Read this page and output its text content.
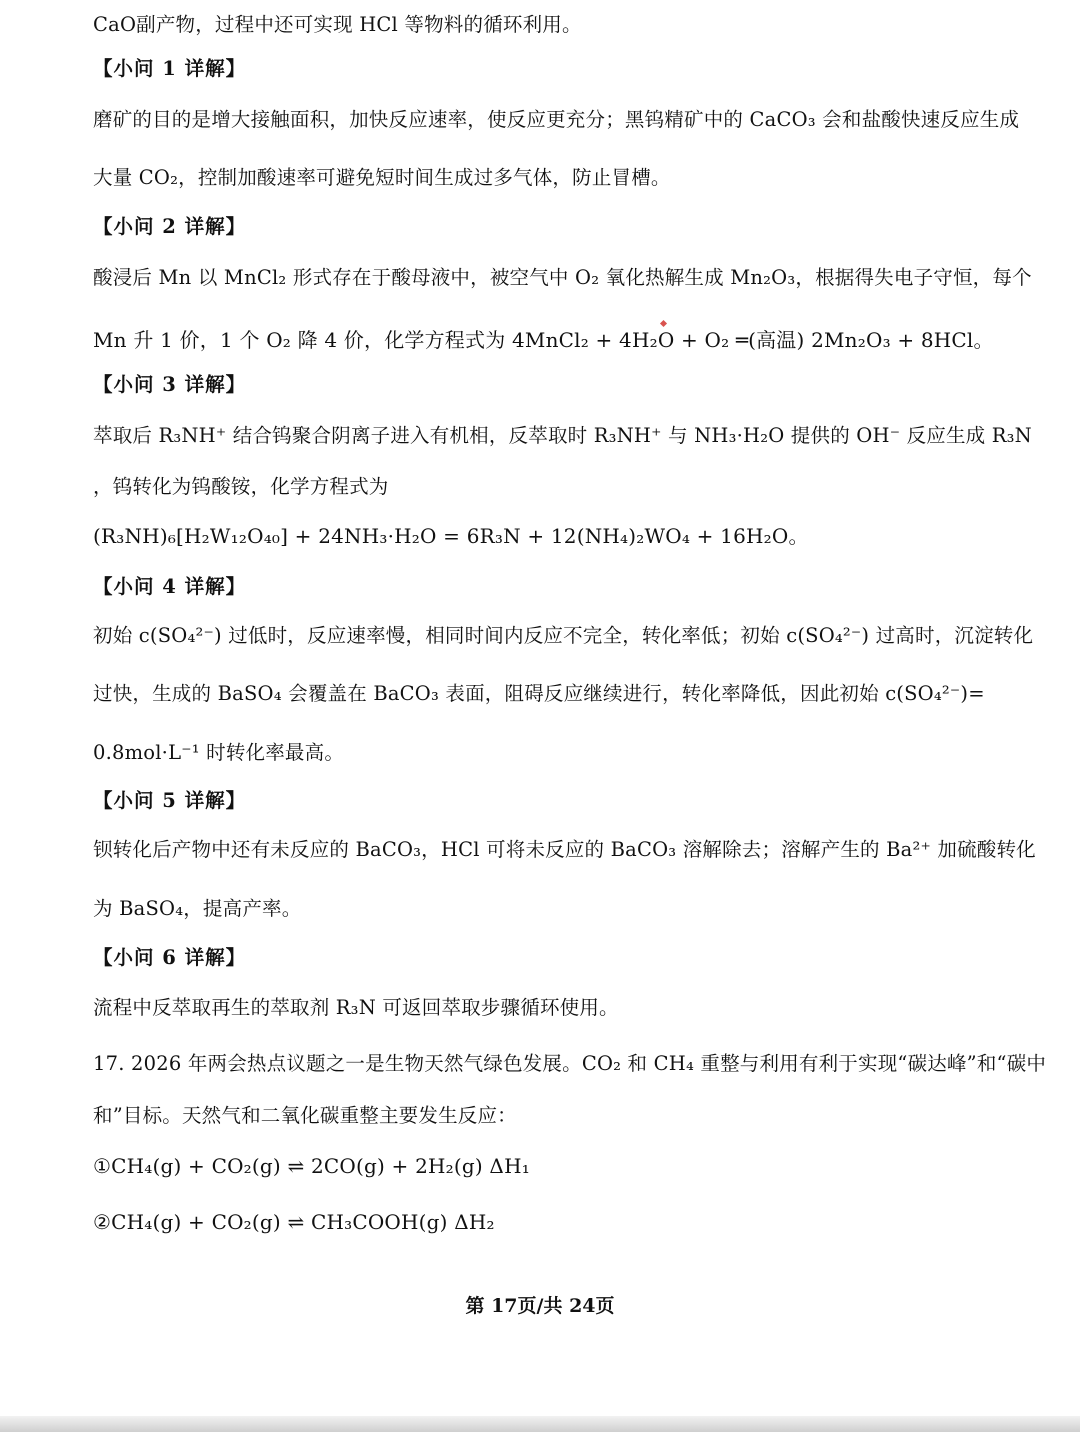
CaO副产物，过程中还可实现 HCl 等物料的循环利用。
【小问 1 详解】
磨矿的目的是增大接触面积，加快反应速率，使反应更充分；黑钨精矿中的 CaCO₃ 会和盐酸快速反应生成
大量 CO₂，控制加酸速率可避免短时间生成过多气体，防止冒槽。
【小问 2 详解】
酸浸后 Mn 以 MnCl₂ 形式存在于酸母液中，被空气中 O₂ 氧化热解生成 Mn₂O₃，根据得失电子守恒，每个
Mn 升 1 价，1 个 O₂ 降 4 价，化学方程式为 4MnCl₂ + 4H₂O + O₂ ═(高温) 2Mn₂O₃ + 8HCl。
【小问 3 详解】
萃取后 R₃NH⁺ 结合钨聚合阴离子进入有机相，反萃取时 R₃NH⁺ 与 NH₃·H₂O 提供的 OH⁻ 反应生成 R₃N
，钨转化为钨酸铵，化学方程式为
(R₃NH)₆[H₂W₁₂O₄₀] + 24NH₃·H₂O = 6R₃N + 12(NH₄)₂WO₄ + 16H₂O。
【小问 4 详解】
初始 c(SO₄²⁻) 过低时，反应速率慢，相同时间内反应不完全，转化率低；初始 c(SO₄²⁻) 过高时，沉淀转化
过快，生成的 BaSO₄ 会覆盖在 BaCO₃ 表面，阻碍反应继续进行，转化率降低，因此初始 c(SO₄²⁻)=
0.8mol·L⁻¹ 时转化率最高。
【小问 5 详解】
钡转化后产物中还有未反应的 BaCO₃，HCl 可将未反应的 BaCO₃ 溶解除去；溶解产生的 Ba²⁺ 加硫酸转化
为 BaSO₄，提高产率。
【小问 6 详解】
流程中反萃取再生的萃取剂 R₃N 可返回萃取步骤循环使用。
17. 2026 年两会热点议题之一是生物天然气绿色发展。CO₂ 和 CH₄ 重整与利用有利于实现“碳达峰”和“碳中
和”目标。天然气和二氧化碳重整主要发生反应：
①CH₄(g) + CO₂(g) ⇌ 2CO(g) + 2H₂(g) ΔH₁
②CH₄(g) + CO₂(g) ⇌ CH₃COOH(g) ΔH₂
第 17页/共 24页
